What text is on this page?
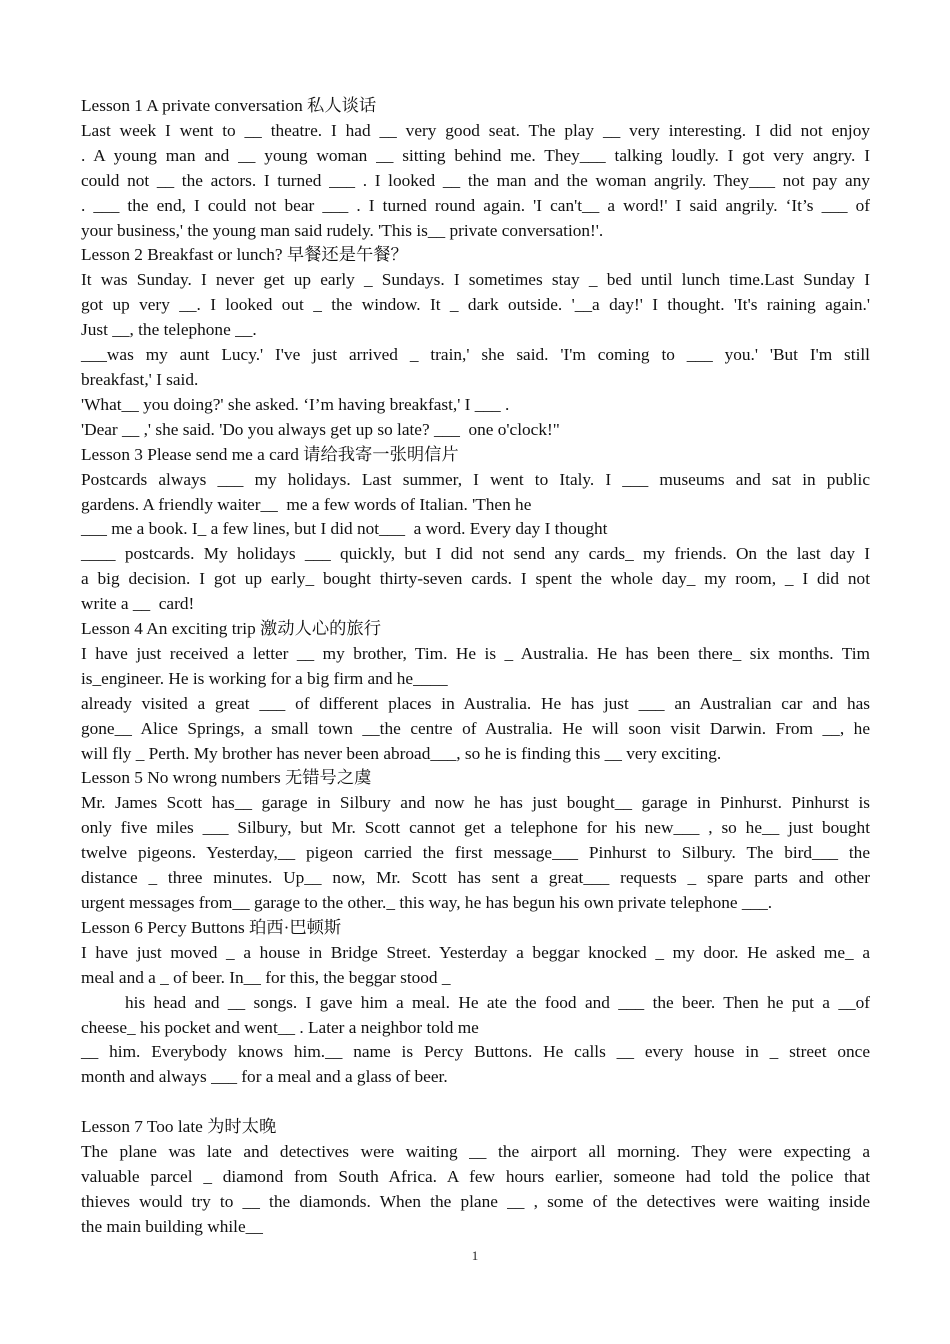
Lesson 1 A private conversation 私人谈话
Last week I went to __ theatre. I had __ very good seat. The play __ very interesting. I did not enjoy
. A young man and __ young woman __ sitting behind me. They___ talking loudly. I got very angry. I
could not __ the actors. I turned ___ . I looked __ the man and the woman angrily. They___ not pay any
. ___ the end, I could not bear ___ . I turned round again. 'I can't__ a word!' I said angrily. ‘It’s ___ of
your business,' the young man said rudely. 'This is__ private conversation!'.
Lesson 2 Breakfast or lunch? 早餐还是午餐？
It was Sunday. I never get up early _ Sundays. I sometimes stay _ bed until lunch time.Last Sunday I
got up very __. I looked out _ the window. It _ dark outside. '__a day!' I thought. 'It's raining again.'
Just __, the telephone __.
___was my aunt Lucy.' I've just arrived _ train,' she said. 'I'm coming to ___ you.' 'But I'm still
breakfast,' I said.
'What__ you doing?' she asked. ‘I’m having breakfast,' I ___ .
'Dear __ ,' she said. 'Do you always get up so late? ___  one o'clock!"
Lesson 3 Please send me a card 请给我寄一张明信片
Postcards always ___ my holidays. Last summer, I went to Italy. I ___ museums and sat in public
gardens. A friendly waiter__  me a few words of Italian. 'Then he
___ me a book. I_ a few lines, but I did not___  a word. Every day I thought
____ postcards. My holidays ___ quickly, but I did not send any cards_ my friends. On the last day I
a big decision. I got up early_ bought thirty-seven cards. I spent the whole day_ my room, _ I did not
write a __  card!
Lesson 4 An exciting trip 激动人心的旅行
I have just received a letter __ my brother, Tim. He is _ Australia. He has been there_ six months. Tim
is_engineer. He is working for a big firm and he____
already visited a great ___ of different places in Australia. He has just ___ an Australian car and has
gone__ Alice Springs, a small town __the centre of Australia. He will soon visit Darwin. From __, he
will fly _ Perth. My brother has never been abroad___, so he is finding this __ very exciting.
Lesson 5 No wrong numbers 无错号之虞
Mr. James Scott has__ garage in Silbury and now he has just bought__ garage in Pinhurst. Pinhurst is
only five miles ___ Silbury, but Mr. Scott cannot get a telephone for his new___ , so he__ just bought
twelve pigeons. Yesterday,__ pigeon carried the first message___ Pinhurst to Silbury. The bird___ the
distance _ three minutes. Up__ now, Mr. Scott has sent a great___ requests _ spare parts and other
urgent messages from__ garage to the other._ this way, he has begun his own private telephone ___.
Lesson 6 Percy Buttons 珀西·巴顿斯
I have just moved _ a house in Bridge Street. Yesterday a beggar knocked _ my door. He asked me_ a
meal and a _ of beer. In__ for this, the beggar stood _
his head and __ songs. I gave him a meal. He ate the food and ___ the beer. Then he put a __of
cheese_ his pocket and went__ . Later a neighbor told me
__ him. Everybody knows him.__ name is Percy Buttons. He calls __ every house in _ street once
month and always ___ for a meal and a glass of beer.
Lesson 7 Too late 为时太晚
The plane was late and detectives were waiting __ the airport all morning. They were expecting a
valuable parcel _ diamond from South Africa. A few hours earlier, someone had told the police that
thieves would try to __ the diamonds. When the plane __ , some of the detectives were waiting inside
the main building while__
1
